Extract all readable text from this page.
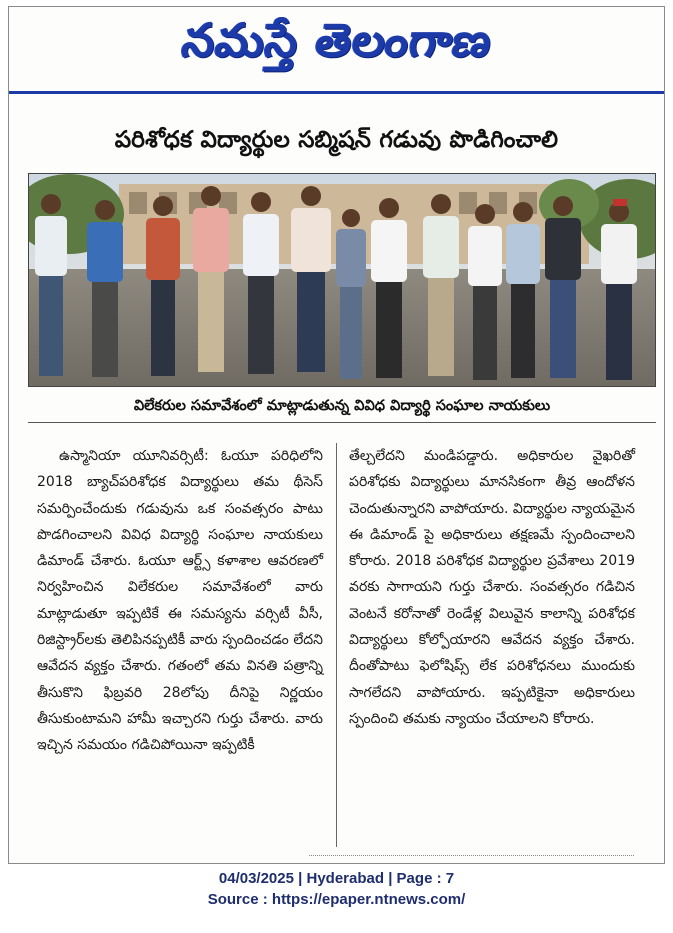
నమస్తే తెలంగాణ
పరిశోధక విద్యార్థుల సబ్మిషన్ గడువు పొడిగించాలి
విలేకరుల సమావేశంలో మాట్లాడుతున్న వివిధ విద్యార్థి సంఘాల నాయకులు

ఉస్మానియా యూనివర్సిటీ: ఓయూ పరిధిలోని 2018 బ్యాచ్‌పరిశోధక విద్యార్థులు తమ థీసెస్ సమర్పించేందుకు గడువును ఒక సంవత్సరం పాటు పొడగించాలని వివిధ విద్యార్థి సంఘాల నాయకులు డిమాండ్ చేశారు. ఓయూ ఆర్ట్స్ కళాశాల ఆవరణలో నిర్వహించిన విలేకరుల సమావేశంలో వారు మాట్లాడుతూ ఇప్పటికే ఈ సమస్యను వర్సిటీ వీసీ, రిజిస్ట్రార్‌లకు తెలిపినప్పటికీ వారు స్పందించడం లేదని ఆవేదన వ్యక్తం చేశారు. గతంలో తమ వినతి పత్రాన్ని తీసుకొని ఫిబ్రవరి 28లోపు దీనిపై నిర్ణయం తీసుకుంటామని హామీ ఇచ్చారని గుర్తు చేశారు. వారు ఇచ్చిన సమయం గడిచిపోయినా ఇప్పటికీ

తేల్చలేదని మండిపడ్డారు. అధికారుల వైఖరితో పరిశోధకు విద్యార్థులు మానసికంగా తీవ్ర ఆందోళన చెందుతున్నారని వాపోయారు. విద్యార్థుల న్యాయమైన ఈ డిమాండ్ పై అధికారులు తక్షణమే స్పందించాలని కోరారు. 2018 పరిశోధక విద్యార్థుల ప్రవేశాలు 2019 వరకు సాగాయని గుర్తు చేశారు. సంవత్సరం గడిచిన వెంటనే కరోనాతో రెండేళ్ల విలువైన కాలాన్ని పరిశోధక విద్యార్థులు కోల్పోయారని ఆవేదన వ్యక్తం చేశారు. దీంతోపాటు ఫెలోషిప్స్ లేక పరిశోధనలు ముందుకు సాగలేదని వాపోయారు. ఇప్పటికైనా అధికారులు స్పందించి తమకు న్యాయం చేయాలని కోరారు.

04/03/2025 | Hyderabad | Page : 7
Source : https://epaper.ntnews.com/
